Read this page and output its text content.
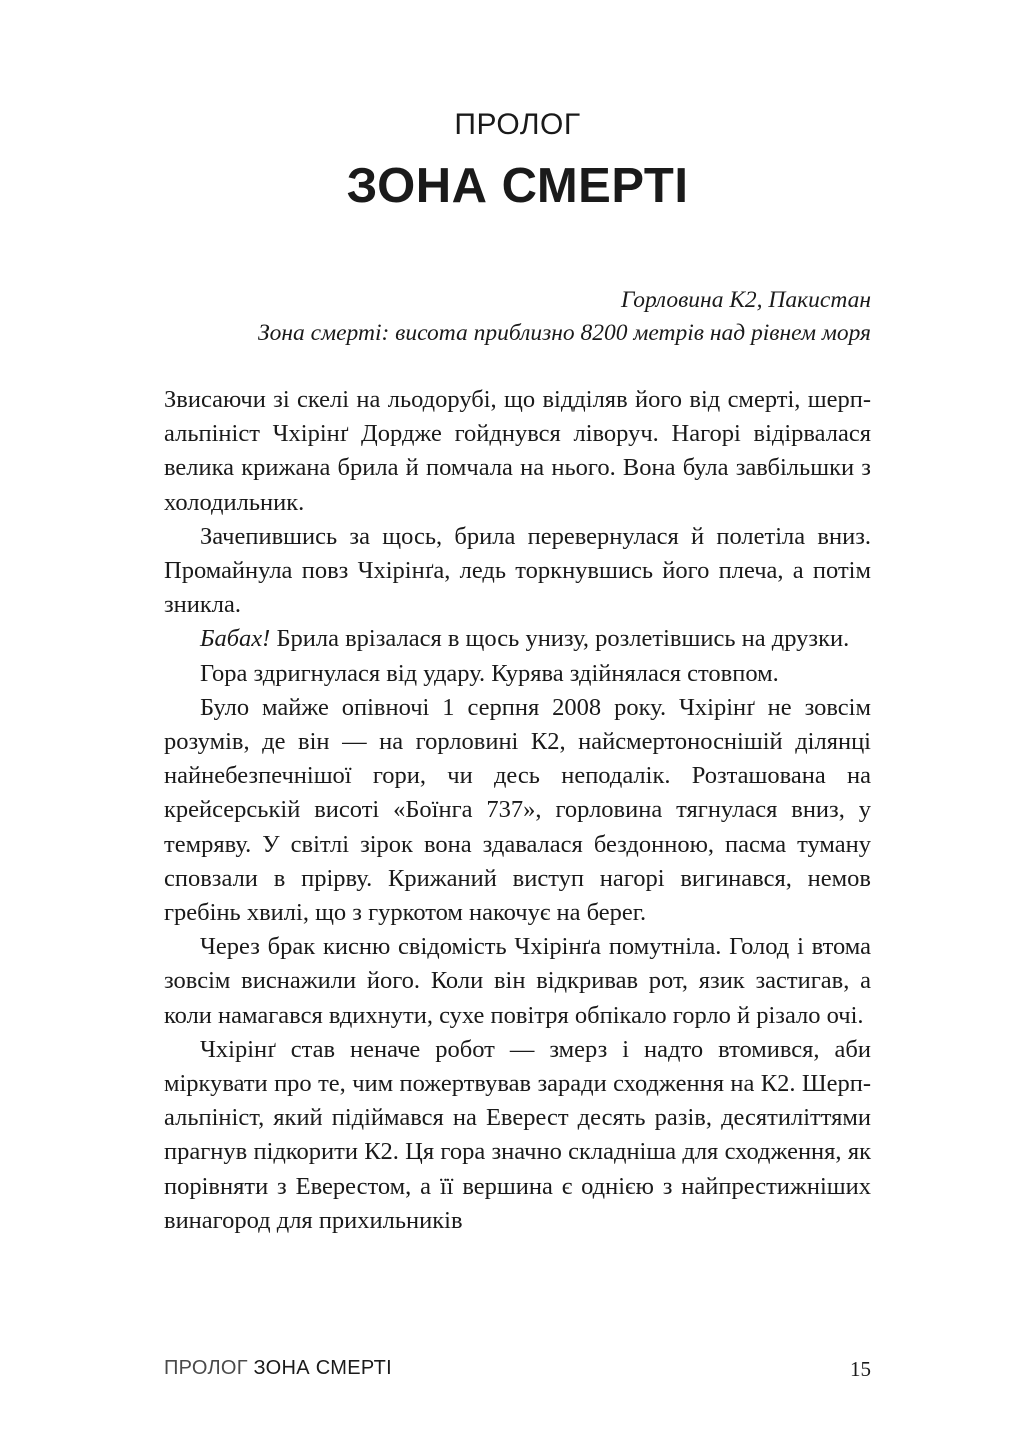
ПРОЛОГ
ЗОНА СМЕРТІ
Горловина К2, Пакистан
Зона смерті: висота приблизно 8200 метрів над рівнем моря

Звисаючи зі скелі на льодорубі, що відділяв його від смерті, шерп-альпініст Чхірінґ Дордже гойднувся ліворуч. Нагорі відірвалася велика крижана брила й помчала на нього. Вона була завбільшки з холодильник.

Зачепившись за щось, брила перевернулася й полетіла вниз. Промайнула повз Чхірінґа, ледь торкнувшись його плеча, а потім зникла.

Бабах! Брила врізалася в щось унизу, розлетівшись на друзки.

Гора здригнулася від удару. Курява здійнялася стовпом.

Було майже опівночі 1 серпня 2008 року. Чхірінґ не зовсім розумів, де він — на горловині К2, найсмертоноснішій ділянці найнебезпечнішої гори, чи десь неподалік. Розташована на крейсерській висоті «Боїнга 737», горловина тягнулася вниз, у темряву. У світлі зірок вона здавалася бездонною, пасма туману сповзали в прірву. Крижаний виступ нагорі вигинався, немов гребінь хвилі, що з гуркотом накочує на берег.

Через брак кисню свідомість Чхірінґа помутніла. Голод і втома зовсім виснажили його. Коли він відкривав рот, язик застигав, а коли намагався вдихнути, сухе повітря обпікало горло й різало очі.

Чхірінґ став неначе робот — змерз і надто втомився, аби міркувати про те, чим пожертвував заради сходження на К2. Шерп-альпініст, який підіймався на Еверест десять разів, десятиліттями прагнув підкорити К2. Ця гора значно складніша для сходження, як порівняти з Еверестом, а її вершина є однією з найпрестижніших винагород для прихильників

ПРОЛОГ ЗОНА СМЕРТІ	15
